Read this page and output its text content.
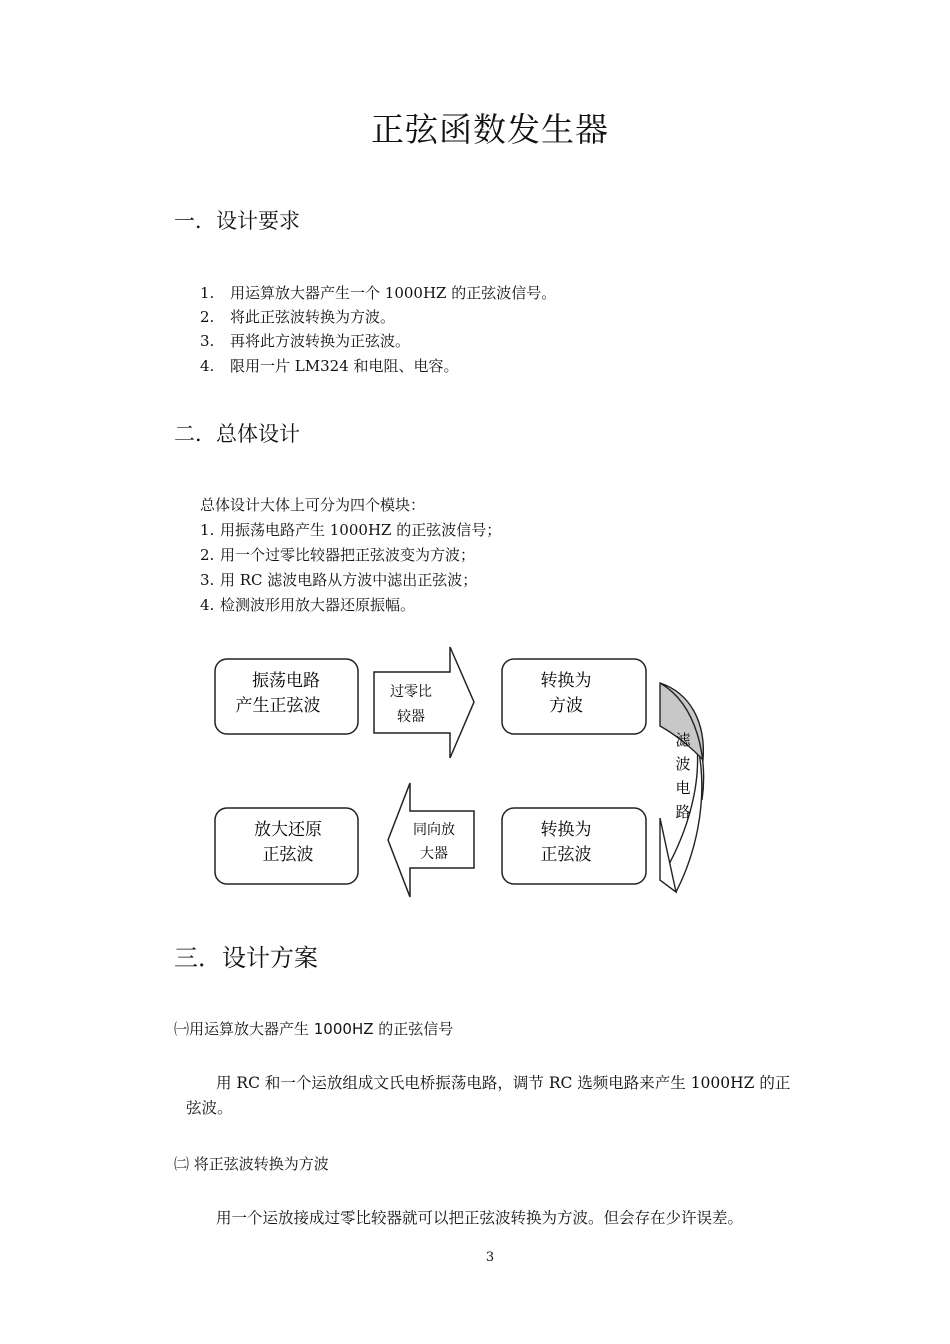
正弦函数发生器
一．设计要求
1. 用运算放大器产生一个 1000HZ 的正弦波信号。
2. 将此正弦波转换为方波。
3. 再将此方波转换为正弦波。
4. 限用一片 LM324 和电阻、电容。
二．总体设计
总体设计大体上可分为四个模块：
1. 用振荡电路产生 1000HZ 的正弦波信号；
2. 用一个过零比较器把正弦波变为方波；
3. 用 RC 滤波电路从方波中滤出正弦波；
4. 检测波形用放大器还原振幅。
振荡电路
产生正弦波
过零比
较器
转换为
方波
滤
波
电
路
转换为
正弦波
同向放
大器
放大还原
正弦波
三．设计方案
㈠用运算放大器产生 1000HZ 的正弦信号
用 RC 和一个运放组成文氏电桥振荡电路，调节 RC 选频电路来产生 1000HZ 的正
弦波。
㈡ 将正弦波转换为方波
用一个运放接成过零比较器就可以把正弦波转换为方波。但会存在少许误差。
3
